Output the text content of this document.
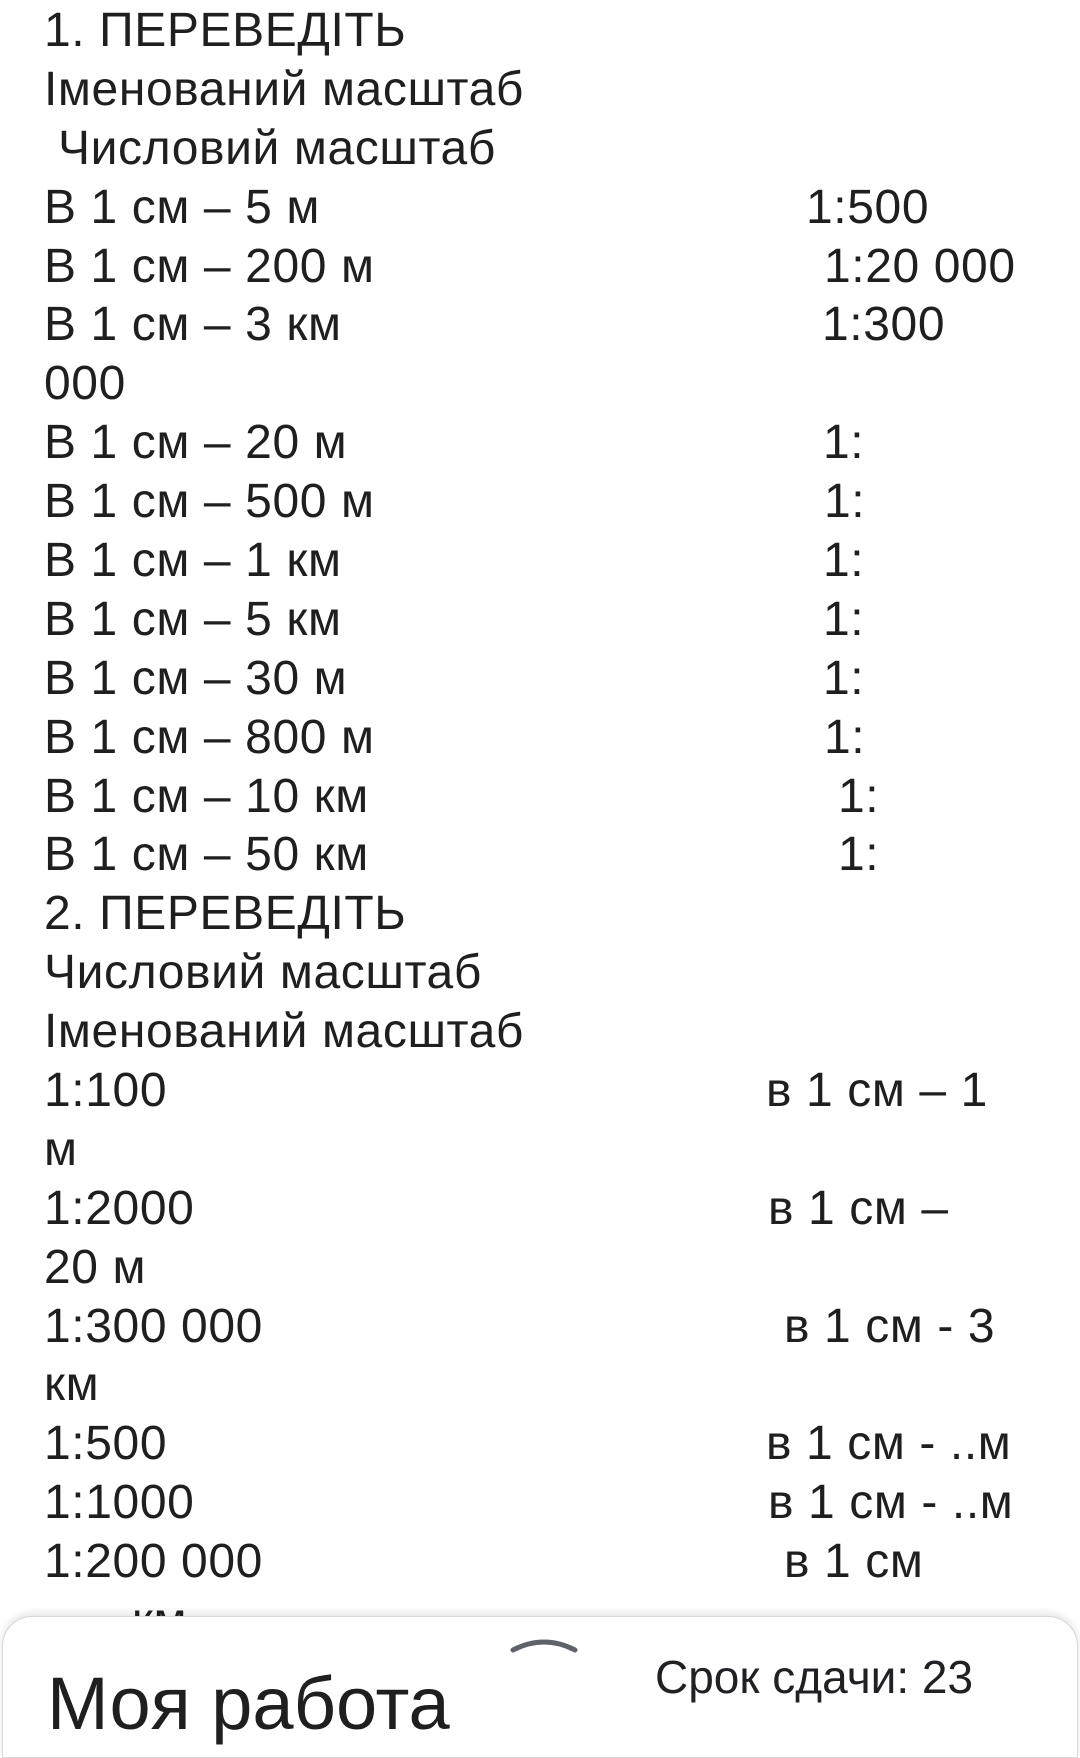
1. ПЕРЕВЕДІТЬ
Іменований масштаб
Числовий масштаб
В 1 см – 5 м	1:500
В 1 см – 200 м	1:20 000
В 1 см – 3 км	1:300
000
В 1 см – 20 м	1:
В 1 см – 500 м	1:
В 1 см – 1 км	1:
В 1 см – 5 км	1:
В 1 см – 30 м	1:
В 1 см – 800 м	1:
В 1 см – 10 км	1:
В 1 см – 50 км	1:
2. ПЕРЕВЕДІТЬ
Числовий масштаб
Іменований масштаб
1:100	в 1 см – 1
м
1:2000	в 1 см –
20 м
1:300 000	в 1 см - 3
км
1:500	в 1 см - ..м
1:1000	в 1 см - ..м
1:200 000	в 1 см
Моя работа	Срок сдачи: 23
